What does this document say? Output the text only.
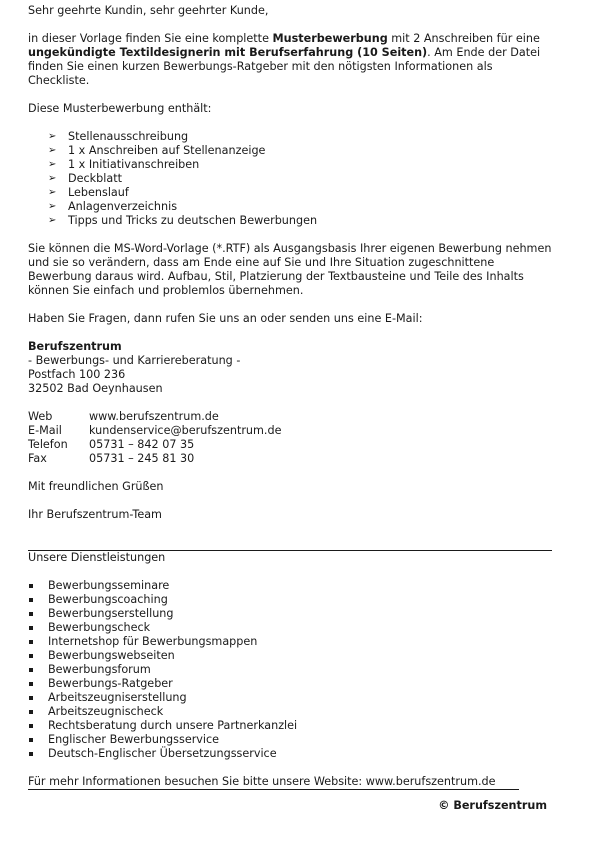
Sehr geehrte Kundin, sehr geehrter Kunde,

in dieser Vorlage finden Sie eine komplette Musterbewerbung mit 2 Anschreiben für eine ungekündigte Textildesignerin mit Berufserfahrung (10 Seiten). Am Ende der Datei finden Sie einen kurzen Bewerbungs-Ratgeber mit den nötigsten Informationen als Checkliste.

Diese Musterbewerbung enthält:

➢ Stellenausschreibung
➢ 1 x Anschreiben auf Stellenanzeige
➢ 1 x Initiativanschreiben
➢ Deckblatt
➢ Lebenslauf
➢ Anlagenverzeichnis
➢ Tipps und Tricks zu deutschen Bewerbungen

Sie können die MS-Word-Vorlage (*.RTF) als Ausgangsbasis Ihrer eigenen Bewerbung nehmen und sie so verändern, dass am Ende eine auf Sie und Ihre Situation zugeschnittene Bewerbung daraus wird. Aufbau, Stil, Platzierung der Textbausteine und Teile des Inhalts können Sie einfach und problemlos übernehmen.

Haben Sie Fragen, dann rufen Sie uns an oder senden uns eine E-Mail:

Berufszentrum

- Bewerbungs- und Karriereberatung -

Postfach 100 236

32502 Bad Oeynhausen

Web	www.berufszentrum.de
E-Mail	kundenservice@berufszentrum.de
Telefon	05731 – 842 07 35
Fax	05731 – 245 81 30

Mit freundlichen Grüßen

Ihr Berufszentrum-Team

Unsere Dienstleistungen

Bewerbungsseminare
Bewerbungscoaching
Bewerbungserstellung
Bewerbungscheck
Internetshop für Bewerbungsmappen
Bewerbungswebseiten
Bewerbungsforum
Bewerbungs-Ratgeber
Arbeitszeugniserstellung
Arbeitszeugnischeck
Rechtsberatung durch unsere Partnerkanzlei
Englischer Bewerbungsservice
Deutsch-Englischer Übersetzungsservice

Für mehr Informationen besuchen Sie bitte unsere Website: www.berufszentrum.de

© Berufszentrum
